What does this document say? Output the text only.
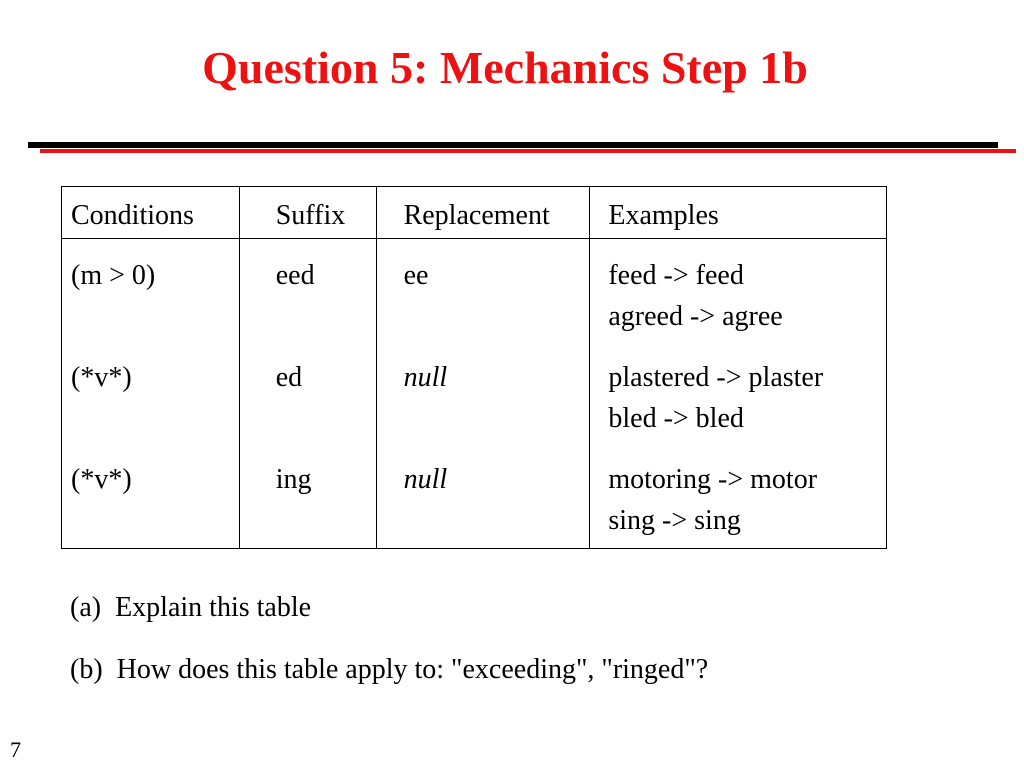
Question 5: Mechanics Step 1b
Conditions	Suffix	Replacement	Examples
(m > 0)	eed	ee	feed -> feed
agreed -> agree

(*v*)	ed	null	plastered -> plaster
bled -> bled

(*v*)	ing	null	motoring -> motor
sing -> sing
(a)  Explain this table
(b)  How does this table apply to: "exceeding", "ringed"?
7
